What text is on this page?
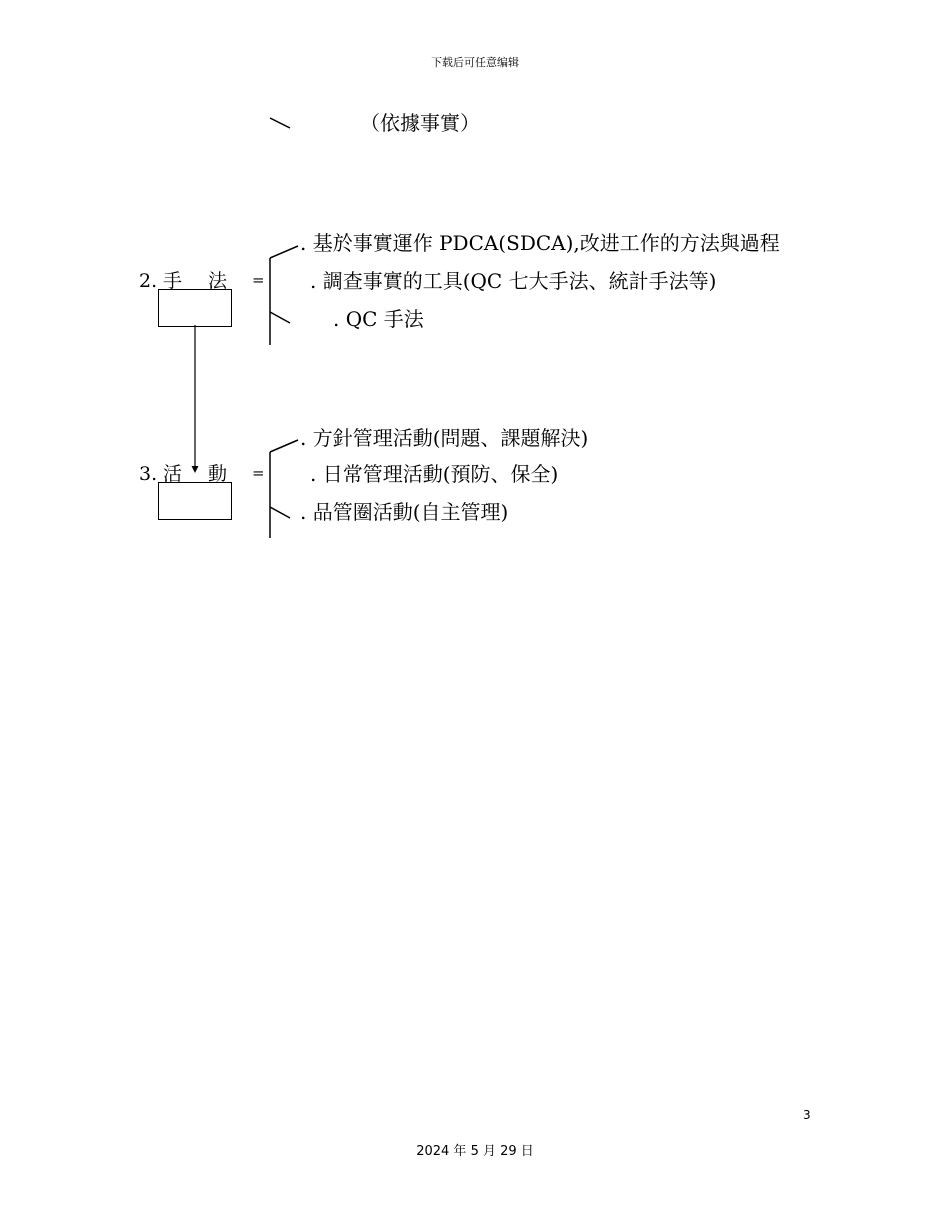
下载后可任意编辑
（依據事實）
2. 手 法 =
. 基於事實運作 PDCA(SDCA),改进工作的方法與過程
. 調查事實的工具(QC 七大手法、統計手法等)
. QC 手法
3. 活 動 =
. 方針管理活動(問題、課題解決)
. 日常管理活動(預防、保全)
. 品管圈活動(自主管理)
3
2024 年 5 月 29 日
